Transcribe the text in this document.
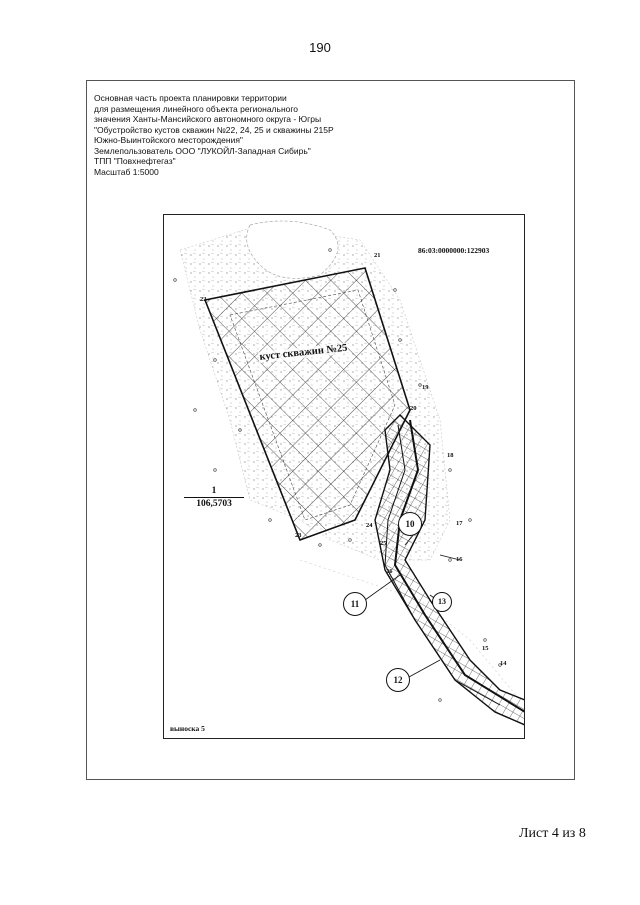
190
Основная часть проекта планировки территории
для размещения линейного объекта регионального
значения Ханты-Мансийского автономного округа - Югры
"Обустройство кустов скважин №22, 24, 25 и скважины 215Р
Южно-Выинтойского месторождения"
Землепользователь ООО "ЛУКОЙЛ-Западная Сибирь"
ТПП "Повхнефтегаз"
Масштаб 1:5000
86:03:0000000:122903
куст скважин №25
1
106,5703
21
22
23
24
25
26
20
19
18
17
16
15
14
10
11
12
13
выноска 5
Лист 4 из 8
